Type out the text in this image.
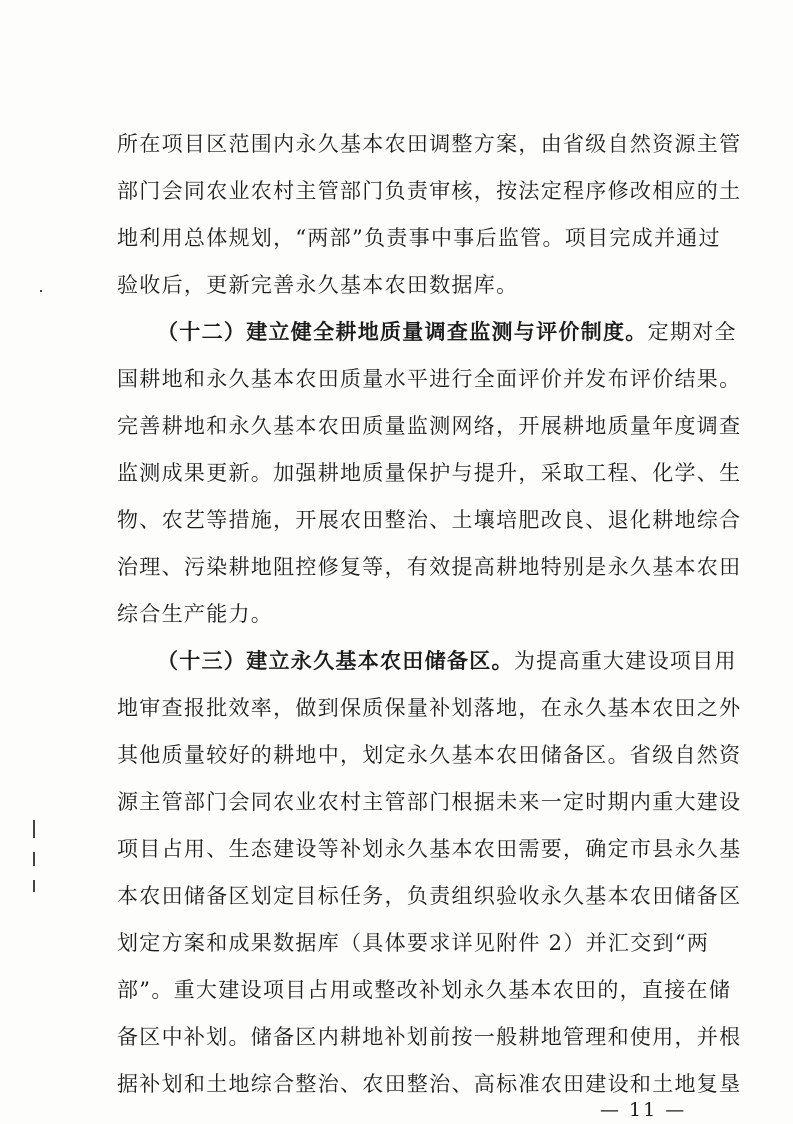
所在项目区范围内永久基本农田调整方案，由省级自然资源主管
部门会同农业农村主管部门负责审核，按法定程序修改相应的土
地利用总体规划，“两部”负责事中事后监管。项目完成并通过
验收后，更新完善永久基本农田数据库。
（十二）建立健全耕地质量调查监测与评价制度。定期对全
国耕地和永久基本农田质量水平进行全面评价并发布评价结果。
完善耕地和永久基本农田质量监测网络，开展耕地质量年度调查
监测成果更新。加强耕地质量保护与提升，采取工程、化学、生
物、农艺等措施，开展农田整治、土壤培肥改良、退化耕地综合
治理、污染耕地阻控修复等，有效提高耕地特别是永久基本农田
综合生产能力。
（十三）建立永久基本农田储备区。为提高重大建设项目用
地审查报批效率，做到保质保量补划落地，在永久基本农田之外
其他质量较好的耕地中，划定永久基本农田储备区。省级自然资
源主管部门会同农业农村主管部门根据未来一定时期内重大建设
项目占用、生态建设等补划永久基本农田需要，确定市县永久基
本农田储备区划定目标任务，负责组织验收永久基本农田储备区
划定方案和成果数据库（具体要求详见附件 2）并汇交到“两
部”。重大建设项目占用或整改补划永久基本农田的，直接在储
备区中补划。储备区内耕地补划前按一般耕地管理和使用，并根
据补划和土地综合整治、农田整治、高标准农田建设和土地复垦
— 11 —
